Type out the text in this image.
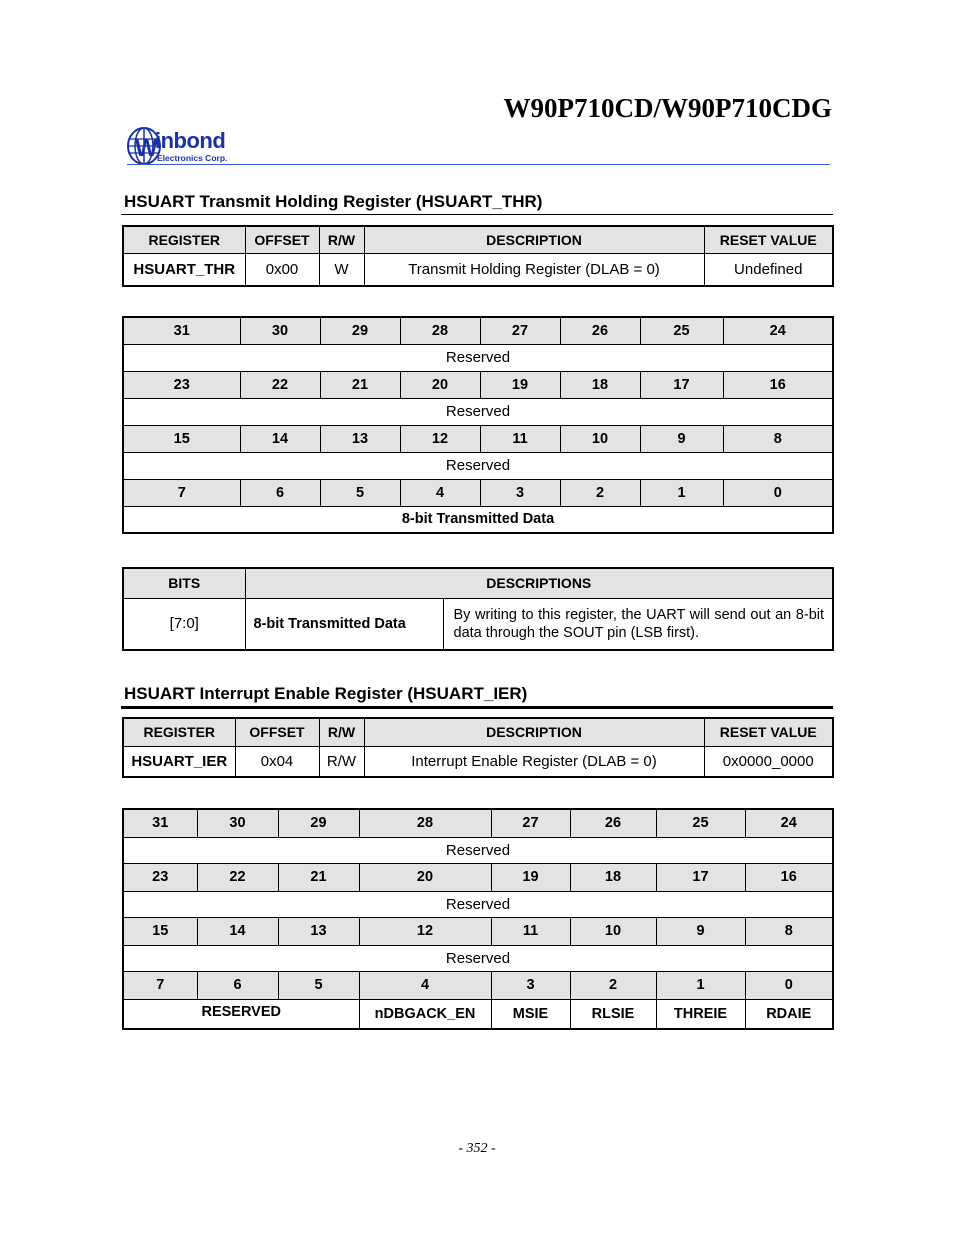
W90P710CD/W90P710CDG
W
inbond
Electronics Corp.
HSUART Transmit Holding Register (HSUART_THR)
REGISTER	OFFSET	R/W	DESCRIPTION	RESET VALUE
HSUART_THR	0x00	W	Transmit Holding Register (DLAB = 0)	Undefined
31	30	29	28	27	26	25	24
Reserved							
23	22	21	20	19	18	17	16
Reserved							
15	14	13	12	11	10	9	8
Reserved							
7	6	5	4	3	2	1	0
8-bit Transmitted Data							
BITS	DESCRIPTIONS	
[7:0]	8-bit Transmitted Data	By writing to this register, the UART will send out an 8-bit data through the SOUT pin (LSB first).
HSUART Interrupt Enable Register (HSUART_IER)
REGISTER	OFFSET	R/W	DESCRIPTION	RESET VALUE
HSUART_IER	0x04	R/W	Interrupt Enable Register (DLAB = 0)	0x0000_0000
31	30	29	28	27	26	25	24
Reserved							
23	22	21	20	19	18	17	16
Reserved							
15	14	13	12	11	10	9	8
Reserved							
7	6	5	4	3	2	1	0
RESERVED			nDBGACK_EN	MSIE	RLSIE	THREIE	RDAIE
- 352 -
